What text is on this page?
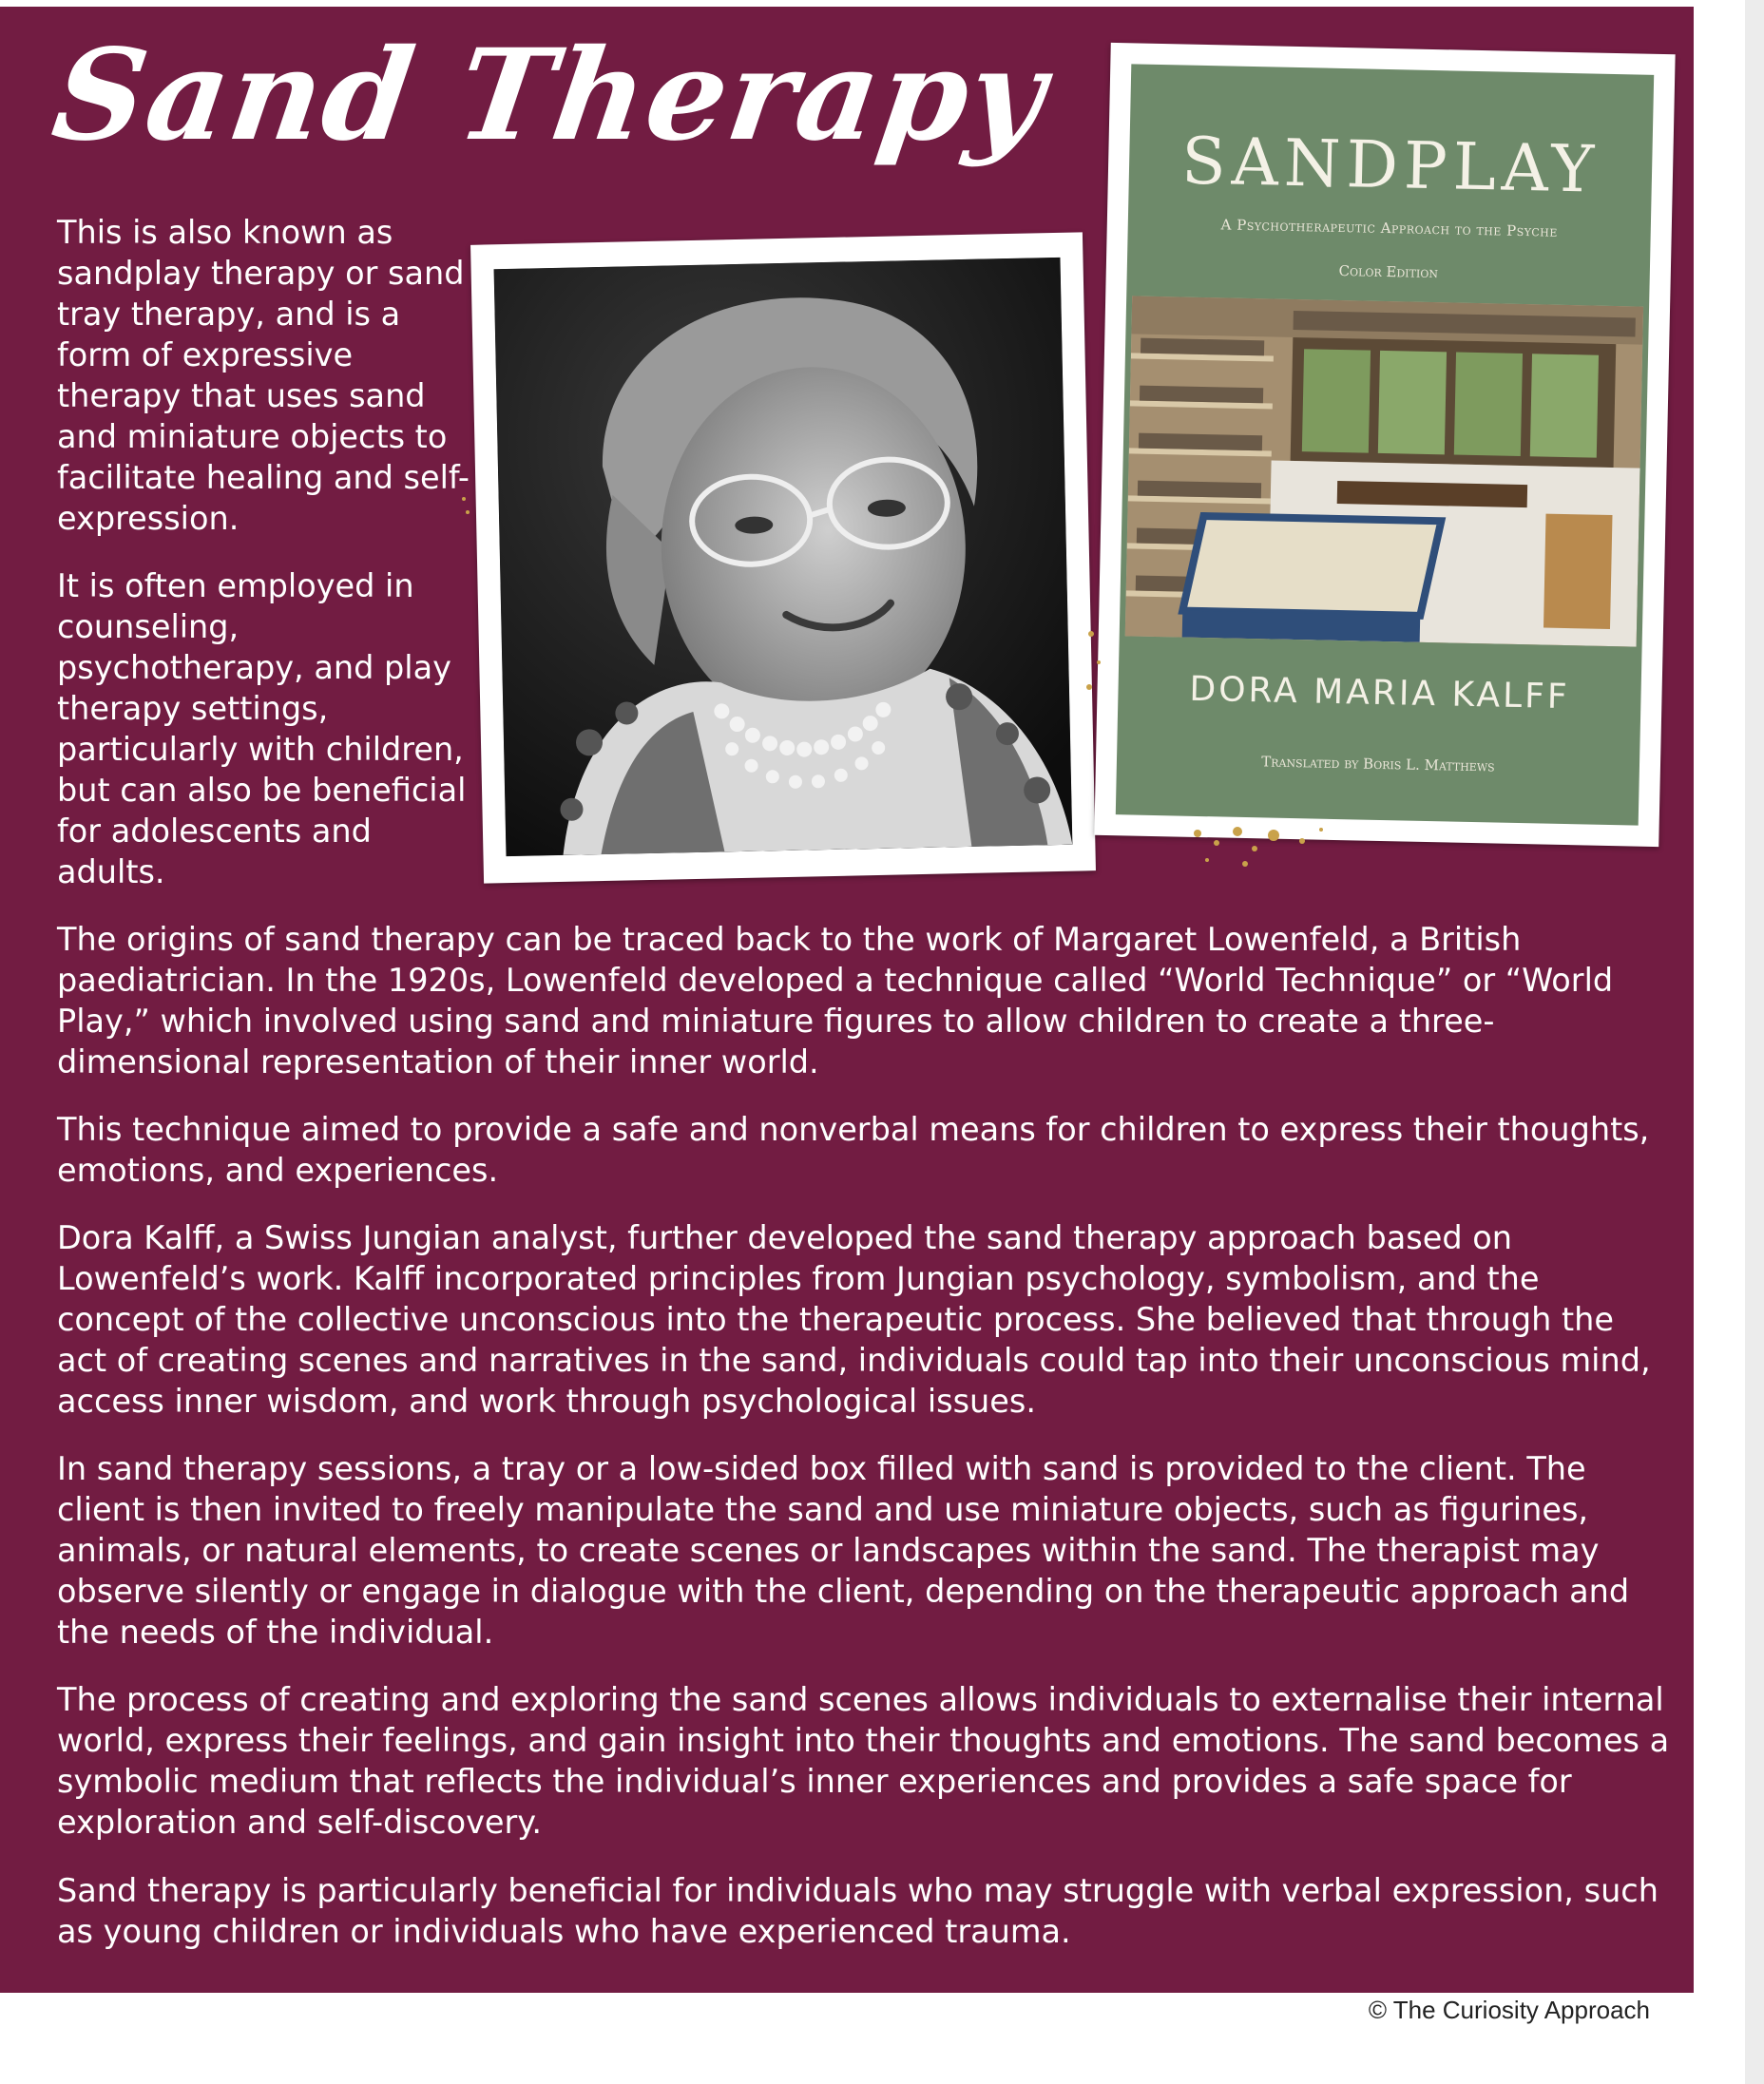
Sand Therapy

This is also known as sandplay therapy or sand tray therapy, and is a form of expressive therapy that uses sand and miniature objects to facilitate healing and self-expression.

It is often employed in counseling, psychotherapy, and play therapy settings, particularly with children, but can also be beneficial for adolescents and adults.

SANDPLAY
A Psychotherapeutic Approach to the Psyche
Color Edition
DORA MARIA KALFF
Translated by Boris L. Matthews

The origins of sand therapy can be traced back to the work of Margaret Lowenfeld, a British paediatrician. In the 1920s, Lowenfeld developed a technique called “World Technique” or “World Play,” which involved using sand and miniature figures to allow children to create a three-dimensional representation of their inner world.

This technique aimed to provide a safe and nonverbal means for children to express their thoughts, emotions, and experiences.

Dora Kalff, a Swiss Jungian analyst, further developed the sand therapy approach based on Lowenfeld’s work. Kalff incorporated principles from Jungian psychology, symbolism, and the concept of the collective unconscious into the therapeutic process. She believed that through the act of creating scenes and narratives in the sand, individuals could tap into their unconscious mind, access inner wisdom, and work through psychological issues.

In sand therapy sessions, a tray or a low-sided box filled with sand is provided to the client. The client is then invited to freely manipulate the sand and use miniature objects, such as figurines, animals, or natural elements, to create scenes or landscapes within the sand. The therapist may observe silently or engage in dialogue with the client, depending on the therapeutic approach and the needs of the individual.

The process of creating and exploring the sand scenes allows individuals to externalise their internal world, express their feelings, and gain insight into their thoughts and emotions. The sand becomes a symbolic medium that reflects the individual’s inner experiences and provides a safe space for exploration and self-discovery.

Sand therapy is particularly beneficial for individuals who may struggle with verbal expression, such as young children or individuals who have experienced trauma.

© The Curiosity Approach
